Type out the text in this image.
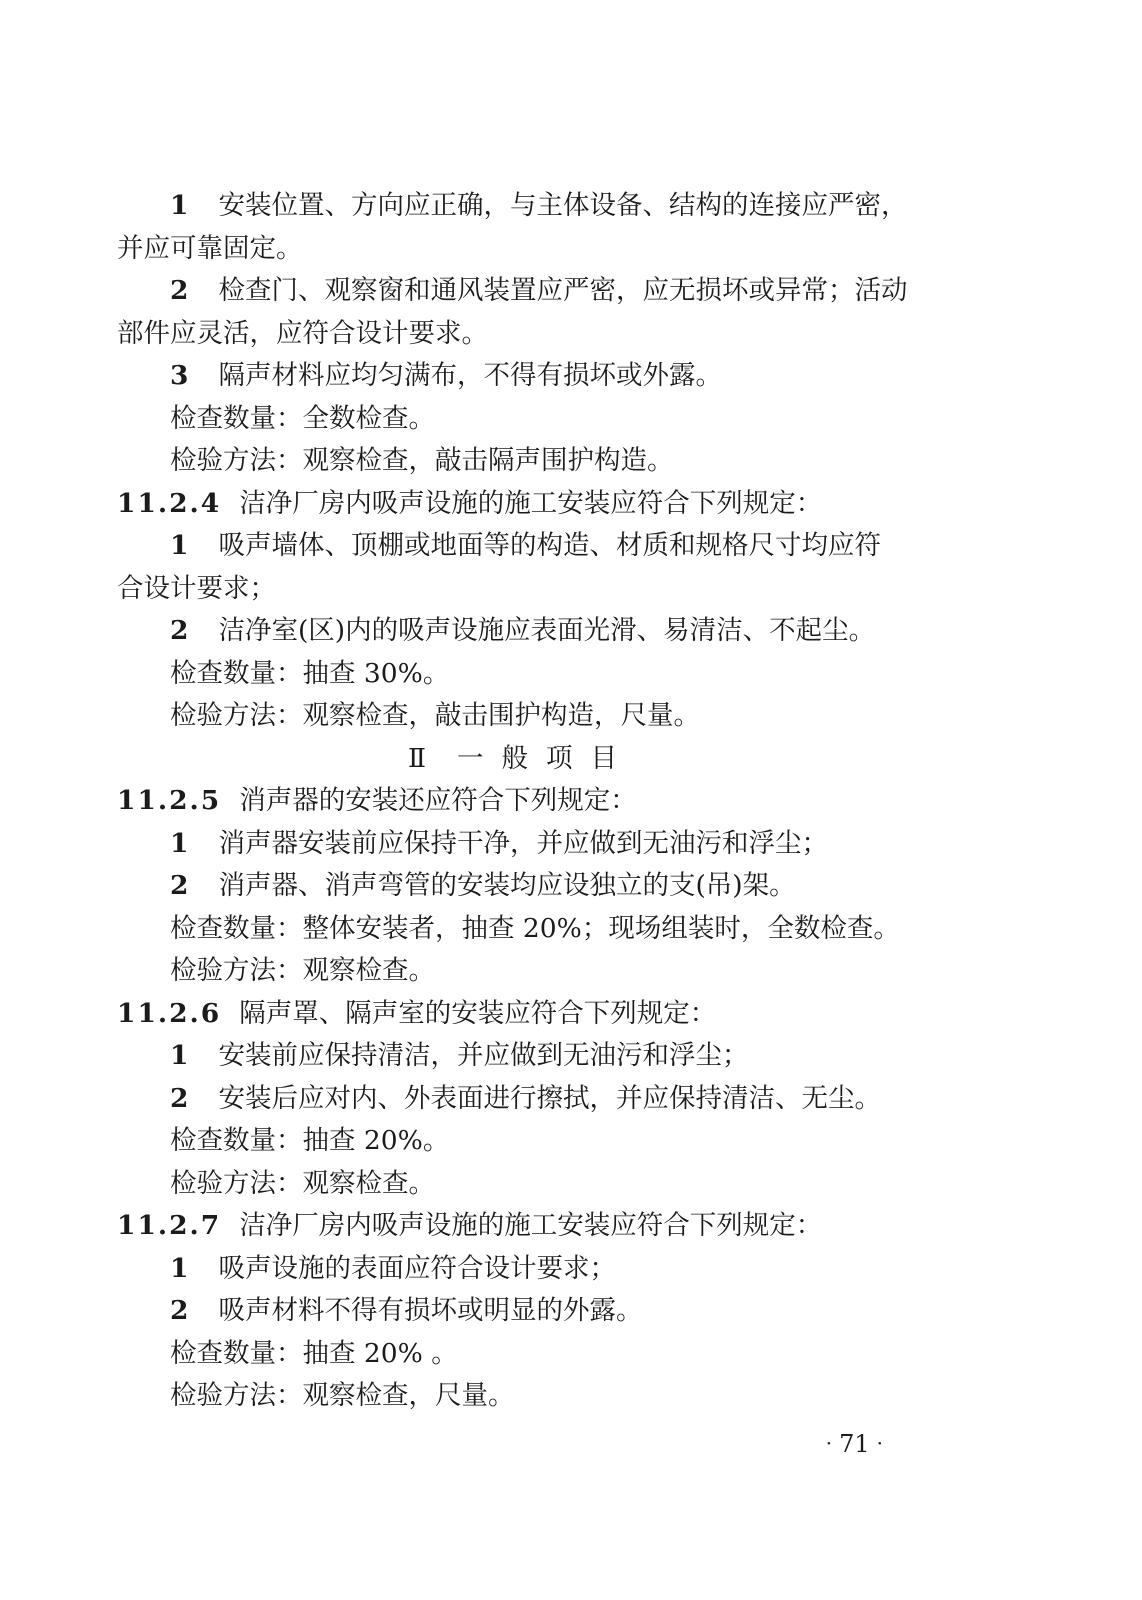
1 安装位置、方向应正确，与主体设备、结构的连接应严密，
并应可靠固定。
2 检查门、观察窗和通风装置应严密，应无损坏或异常；活动
部件应灵活，应符合设计要求。
3 隔声材料应均匀满布，不得有损坏或外露。
检查数量：全数检查。
检验方法：观察检查，敲击隔声围护构造。
11.2.4 洁净厂房内吸声设施的施工安装应符合下列规定：
1 吸声墙体、顶棚或地面等的构造、材质和规格尺寸均应符
合设计要求；
2 洁净室(区)内的吸声设施应表面光滑、易清洁、不起尘。
检查数量：抽查 30%。
检验方法：观察检查，敲击围护构造，尺量。
Ⅱ 一 般 项 目
11.2.5 消声器的安装还应符合下列规定：
1 消声器安装前应保持干净，并应做到无油污和浮尘；
2 消声器、消声弯管的安装均应设独立的支(吊)架。
检查数量：整体安装者，抽查 20%；现场组装时，全数检查。
检验方法：观察检查。
11.2.6 隔声罩、隔声室的安装应符合下列规定：
1 安装前应保持清洁，并应做到无油污和浮尘；
2 安装后应对内、外表面进行擦拭，并应保持清洁、无尘。
检查数量：抽查 20%。
检验方法：观察检查。
11.2.7 洁净厂房内吸声设施的施工安装应符合下列规定：
1 吸声设施的表面应符合设计要求；
2 吸声材料不得有损坏或明显的外露。
检查数量：抽查 20% 。
检验方法：观察检查，尺量。
· 71 ·
